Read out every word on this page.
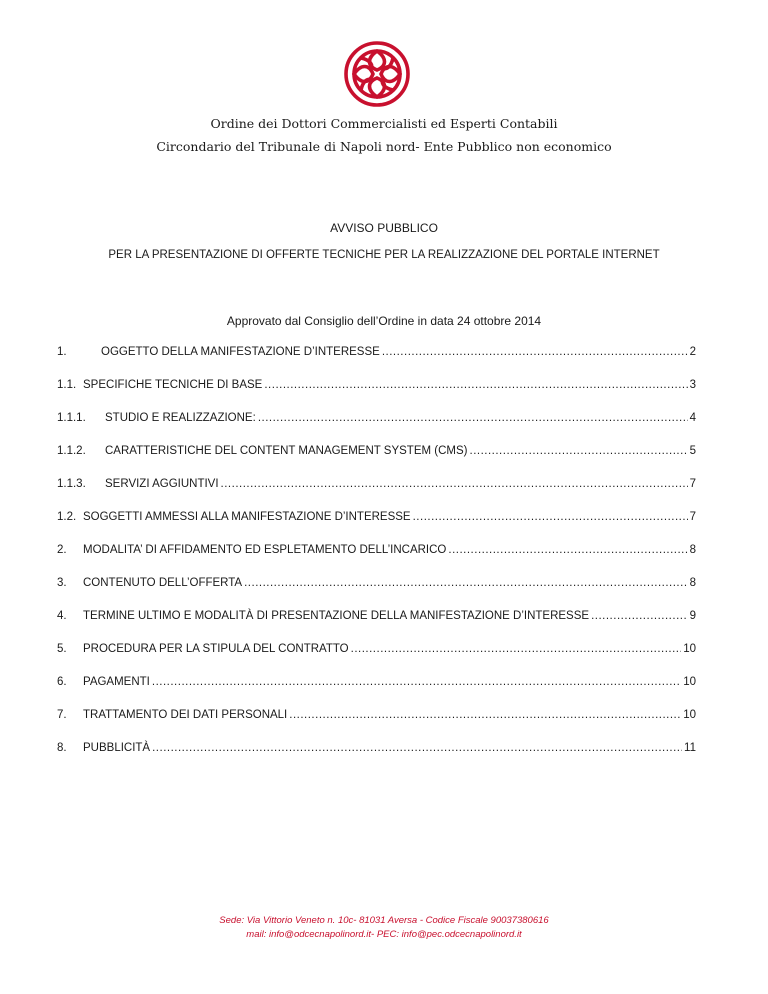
Ordine dei Dottori Commercialisti ed Esperti Contabili
Circondario del Tribunale di Napoli nord- Ente Pubblico non economico
AVVISO PUBBLICO
PER LA PRESENTAZIONE DI OFFERTE TECNICHE PER LA REALIZZAZIONE DEL PORTALE INTERNET
Approvato dal Consiglio dell’Ordine in data 24 ottobre 2014
1.	OGGETTO DELLA MANIFESTAZIONE D’INTERESSE .....	2
1.1. SPECIFICHE TECNICHE DI BASE .....	3
1.1.1.	STUDIO E REALIZZAZIONE: .....	4
1.1.2.	CARATTERISTICHE DEL CONTENT MANAGEMENT SYSTEM (CMS) .....	5
1.1.3.	SERVIZI AGGIUNTIVI .....	7
1.2. SOGGETTI AMMESSI ALLA MANIFESTAZIONE D’INTERESSE .....	7
2.	MODALITA’ DI AFFIDAMENTO ED ESPLETAMENTO DELL’INCARICO .....	8
3.	CONTENUTO DELL’OFFERTA .....	8
4.	TERMINE ULTIMO E MODALITÀ DI PRESENTAZIONE DELLA MANIFESTAZIONE D’INTERESSE .....	9
5.	PROCEDURA PER LA STIPULA DEL CONTRATTO .....	10
6.	PAGAMENTI .....	10
7.	TRATTAMENTO DEI DATI PERSONALI .....	10
8.	PUBBLICITÀ .....	11
Sede: Via Vittorio Veneto n. 10c- 81031 Aversa - Codice Fiscale 90037380616
mail: info@odcecnapolinord.it- PEC: info@pec.odcecnapolinord.it
